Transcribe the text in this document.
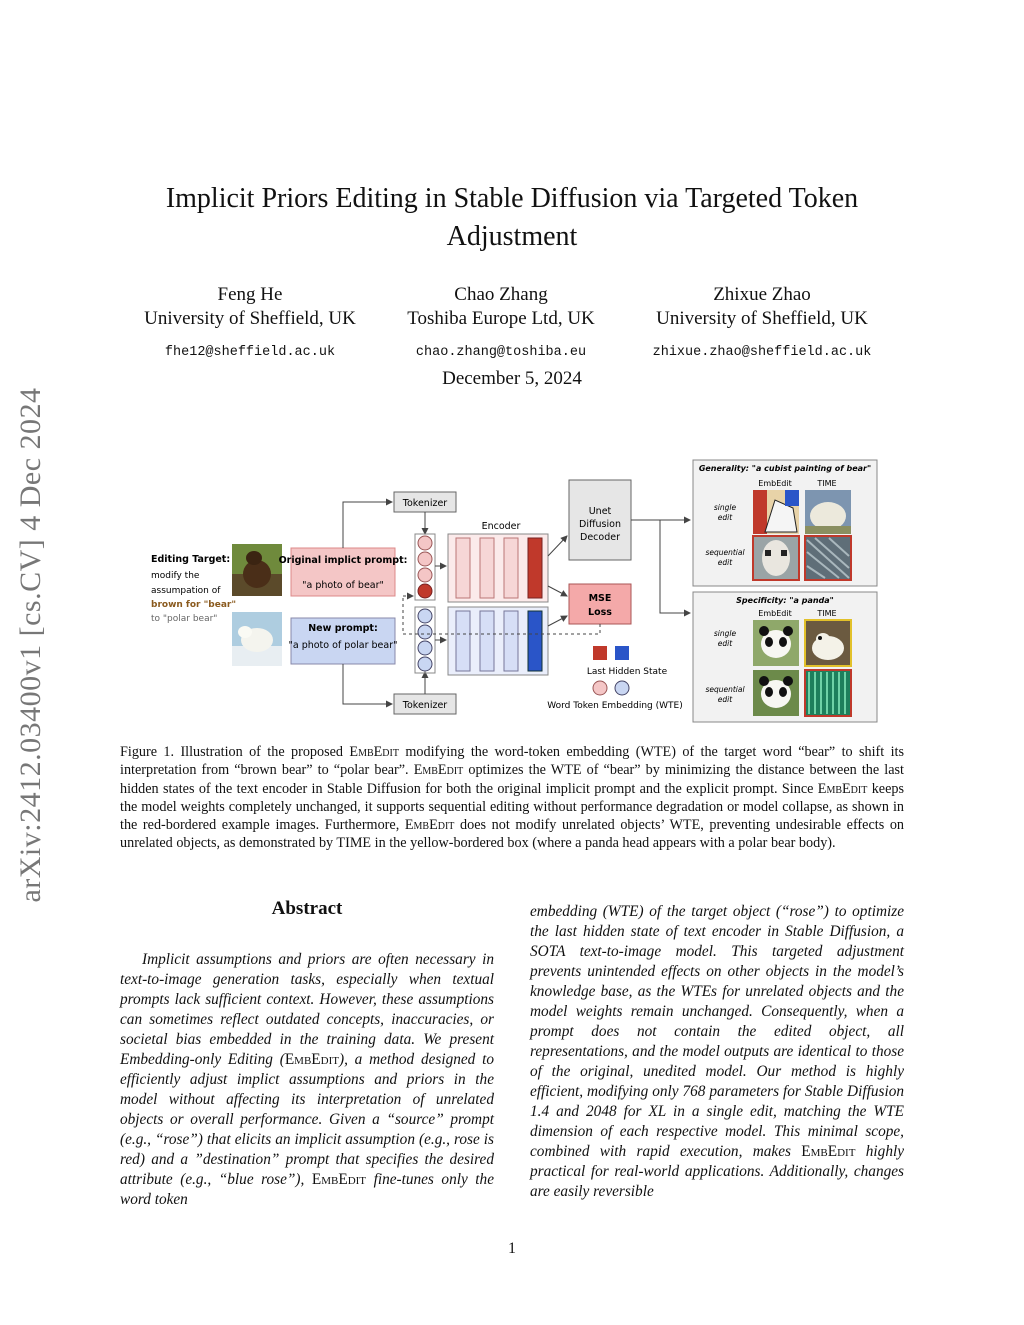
arXiv:2412.03400v1 [cs.CV] 4 Dec 2024
Implicit Priors Editing in Stable Diffusion via Targeted Token Adjustment
Feng He
University of Sheffield, UK
fhe12@sheffield.ac.uk
Chao Zhang
Toshiba Europe Ltd, UK
chao.zhang@toshiba.eu
Zhixue Zhao
University of Sheffield, UK
zhixue.zhao@sheffield.ac.uk
December 5, 2024
Editing Target:
modify the
assumpation of
brown for "bear"
to "polar bear"
Original implict prompt:
"a photo of bear"
New prompt:
"a photo of polar bear"
Tokenizer
Tokenizer
Encoder
Unet
Diffusion
Decoder
MSE
Loss
Last Hidden State
Word Token Embedding (WTE)
Generality: "a cubist painting of bear"
EmbEdit	TIME
single
edit
sequential
edit
Specificity: "a panda"
EmbEdit	TIME
single
edit
sequential
edit
Figure 1. Illustration of the proposed EmbEdit modifying the word-token embedding (WTE) of the target word “bear” to shift its interpretation from “brown bear” to “polar bear”. EmbEdit optimizes the WTE of “bear” by minimizing the distance between the last hidden states of the text encoder in Stable Diffusion for both the original implicit prompt and the explicit prompt. Since EmbEdit keeps the model weights completely unchanged, it supports sequential editing without performance degradation or model collapse, as shown in the red-bordered example images. Furthermore, EmbEdit does not modify unrelated objects’ WTE, preventing undesirable effects on unrelated objects, as demonstrated by TIME in the yellow-bordered box (where a panda head appears with a polar bear body).
Abstract
Implicit assumptions and priors are often necessary in text-to-image generation tasks, especially when textual prompts lack sufficient context. However, these assumptions can sometimes reflect outdated concepts, inaccuracies, or societal bias embedded in the training data. We present Embedding-only Editing (EmbEdit), a method designed to efficiently adjust implict assumptions and priors in the model without affecting its interpretation of unrelated objects or overall performance. Given a “source” prompt (e.g., “rose”) that elicits an implicit assumption (e.g., rose is red) and a ”destination” prompt that specifies the desired attribute (e.g., “blue rose”), EmbEdit fine-tunes only the word token
embedding (WTE) of the target object (“rose”) to optimize the last hidden state of text encoder in Stable Diffusion, a SOTA text-to-image model. This targeted adjustment prevents unintended effects on other objects in the model’s knowledge base, as the WTEs for unrelated objects and the model weights remain unchanged. Consequently, when a prompt does not contain the edited object, all representations, and the model outputs are identical to those of the original, unedited model. Our method is highly efficient, modifying only 768 parameters for Stable Diffusion 1.4 and 2048 for XL in a single edit, matching the WTE dimension of each respective model. This minimal scope, combined with rapid execution, makes EmbEdit highly practical for real-world applications. Additionally, changes are easily reversible
1
